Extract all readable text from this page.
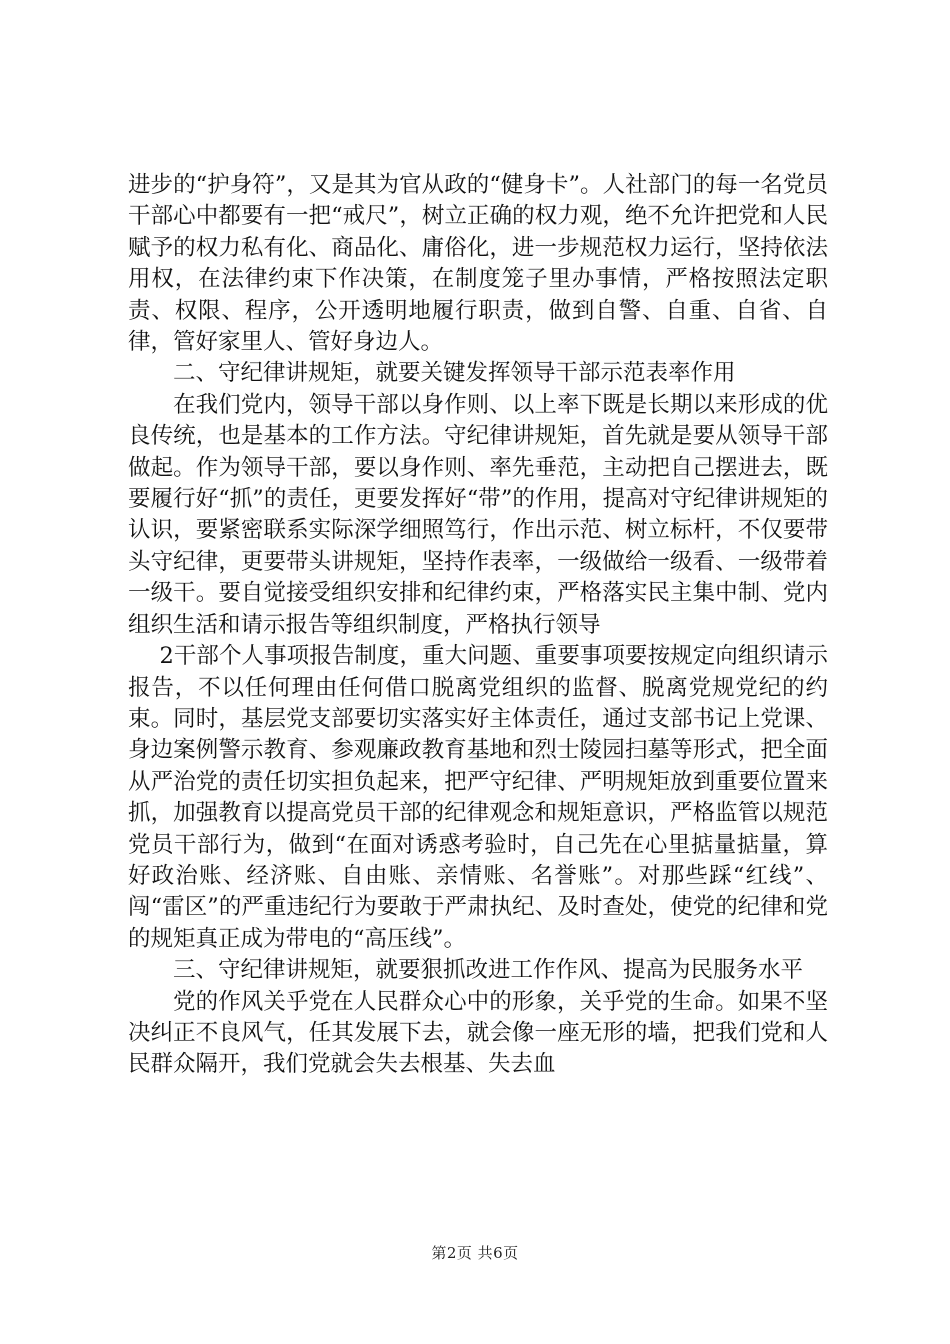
进步的“护身符”，又是其为官从政的“健身卡”。人社部门的每一名党员干部心中都要有一把“戒尺”，树立正确的权力观，绝不允许把党和人民赋予的权力私有化、商品化、庸俗化，进一步规范权力运行，坚持依法用权，在法律约束下作决策，在制度笼子里办事情，严格按照法定职责、权限、程序，公开透明地履行职责，做到自警、自重、自省、自律，管好家里人、管好身边人。

二、守纪律讲规矩，就要关键发挥领导干部示范表率作用

在我们党内，领导干部以身作则、以上率下既是长期以来形成的优良传统，也是基本的工作方法。守纪律讲规矩，首先就是要从领导干部做起。作为领导干部，要以身作则、率先垂范，主动把自己摆进去，既要履行好“抓”的责任，更要发挥好“带”的作用，提高对守纪律讲规矩的认识，要紧密联系实际深学细照笃行，作出示范、树立标杆，不仅要带头守纪律，更要带头讲规矩，坚持作表率，一级做给一级看、一级带着一级干。要自觉接受组织安排和纪律约束，严格落实民主集中制、党内组织生活和请示报告等组织制度，严格执行领导

2干部个人事项报告制度，重大问题、重要事项要按规定向组织请示报告，不以任何理由任何借口脱离党组织的监督、脱离党规党纪的约束。同时，基层党支部要切实落实好主体责任，通过支部书记上党课、身边案例警示教育、参观廉政教育基地和烈士陵园扫墓等形式，把全面从严治党的责任切实担负起来，把严守纪律、严明规矩放到重要位置来抓，加强教育以提高党员干部的纪律观念和规矩意识，严格监管以规范党员干部行为，做到“在面对诱惑考验时，自己先在心里掂量掂量，算好政治账、经济账、自由账、亲情账、名誉账”。对那些踩“红线”、闯“雷区”的严重违纪行为要敢于严肃执纪、及时查处，使党的纪律和党的规矩真正成为带电的“高压线”。

三、守纪律讲规矩，就要狠抓改进工作作风、提高为民服务水平

党的作风关乎党在人民群众心中的形象，关乎党的生命。如果不坚决纠正不良风气，任其发展下去，就会像一座无形的墙，把我们党和人民群众隔开，我们党就会失去根基、失去血

第2页 共6页
